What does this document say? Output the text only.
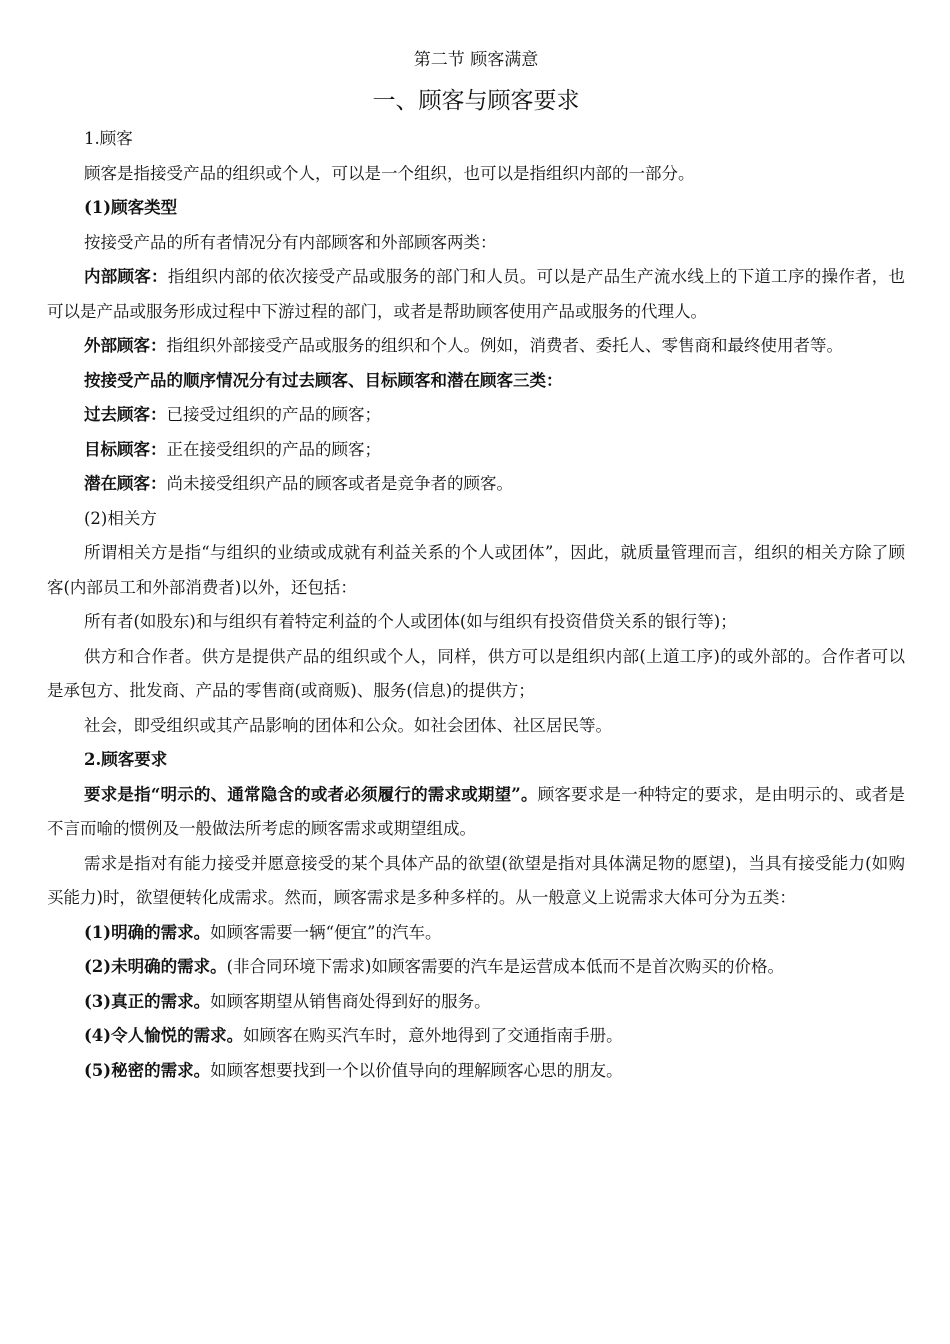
第二节 顾客满意
一、顾客与顾客要求

1.顾客

顾客是指接受产品的组织或个人，可以是一个组织，也可以是指组织内部的一部分。

(1)顾客类型

按接受产品的所有者情况分有内部顾客和外部顾客两类：

内部顾客：指组织内部的依次接受产品或服务的部门和人员。可以是产品生产流水线上的下道工序的操作者，也可以是产品或服务形成过程中下游过程的部门，或者是帮助顾客使用产品或服务的代理人。

外部顾客：指组织外部接受产品或服务的组织和个人。例如，消费者、委托人、零售商和最终使用者等。

按接受产品的顺序情况分有过去顾客、目标顾客和潜在顾客三类：

过去顾客：已接受过组织的产品的顾客；

目标顾客：正在接受组织的产品的顾客；

潜在顾客：尚未接受组织产品的顾客或者是竞争者的顾客。

(2)相关方

所谓相关方是指“与组织的业绩或成就有利益关系的个人或团体”，因此，就质量管理而言，组织的相关方除了顾客(内部员工和外部消费者)以外，还包括：

所有者(如股东)和与组织有着特定利益的个人或团体(如与组织有投资借贷关系的银行等)；

供方和合作者。供方是提供产品的组织或个人，同样，供方可以是组织内部(上道工序)的或外部的。合作者可以是承包方、批发商、产品的零售商(或商贩)、服务(信息)的提供方；

社会，即受组织或其产品影响的团体和公众。如社会团体、社区居民等。

2.顾客要求

要求是指“明示的、通常隐含的或者必须履行的需求或期望”。顾客要求是一种特定的要求，是由明示的、或者是不言而喻的惯例及一般做法所考虑的顾客需求或期望组成。

需求是指对有能力接受并愿意接受的某个具体产品的欲望(欲望是指对具体满足物的愿望)，当具有接受能力(如购买能力)时，欲望便转化成需求。然而，顾客需求是多种多样的。从一般意义上说需求大体可分为五类：

(1)明确的需求。如顾客需要一辆“便宜”的汽车。

(2)未明确的需求。(非合同环境下需求)如顾客需要的汽车是运营成本低而不是首次购买的价格。

(3)真正的需求。如顾客期望从销售商处得到好的服务。

(4)令人愉悦的需求。如顾客在购买汽车时，意外地得到了交通指南手册。

(5)秘密的需求。如顾客想要找到一个以价值导向的理解顾客心思的朋友。
